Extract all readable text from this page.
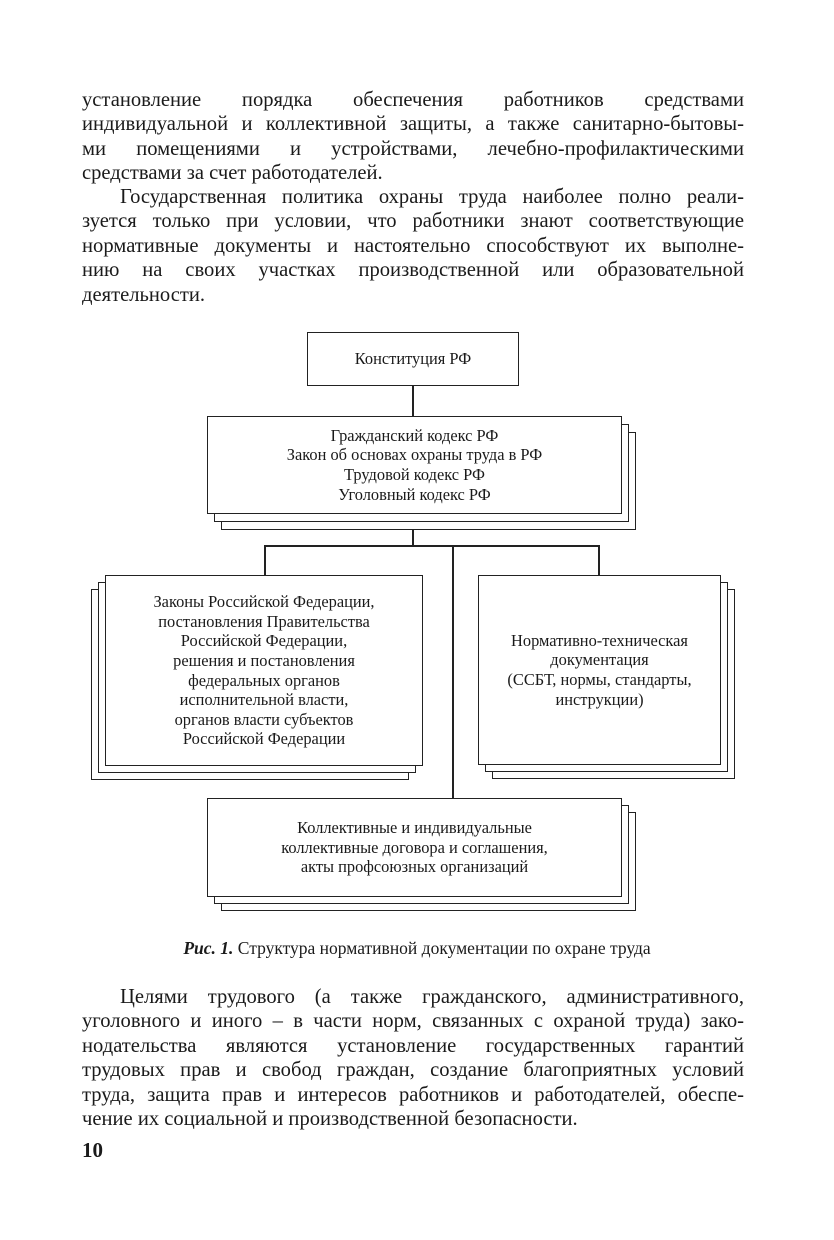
установление порядка обеспечения работников средствами
индивидуальной и коллективной защиты, а также санитарно-бытовы-
ми помещениями и устройствами, лечебно-профилактическими
средствами за счет работодателей.
Государственная политика охраны труда наиболее полно реали-
зуется только при условии, что работники знают соответствующие
нормативные документы и настоятельно способствуют их выполне-
нию на своих участках производственной или образовательной
деятельности.
Конституция РФ
Гражданский кодекс РФ
Закон об основах охраны труда в РФ
Трудовой кодекс РФ
Уголовный кодекс РФ
Законы Российской Федерации,
постановления Правительства
Российской Федерации,
решения и постановления
федеральных органов
исполнительной власти,
органов власти субъектов
Российской Федерации
Нормативно-техническая
документация
(ССБТ, нормы, стандарты,
инструкции)
Коллективные и индивидуальные
коллективные договора и соглашения,
акты профсоюзных организаций
Рис. 1. Структура нормативной документации по охране труда
Целями трудового (а также гражданского, административного,
уголовного и иного – в части норм, связанных с охраной труда) зако-
нодательства являются установление государственных гарантий
трудовых прав и свобод граждан, создание благоприятных условий
труда, защита прав и интересов работников и работодателей, обеспе-
чение их социальной и производственной безопасности.
10
